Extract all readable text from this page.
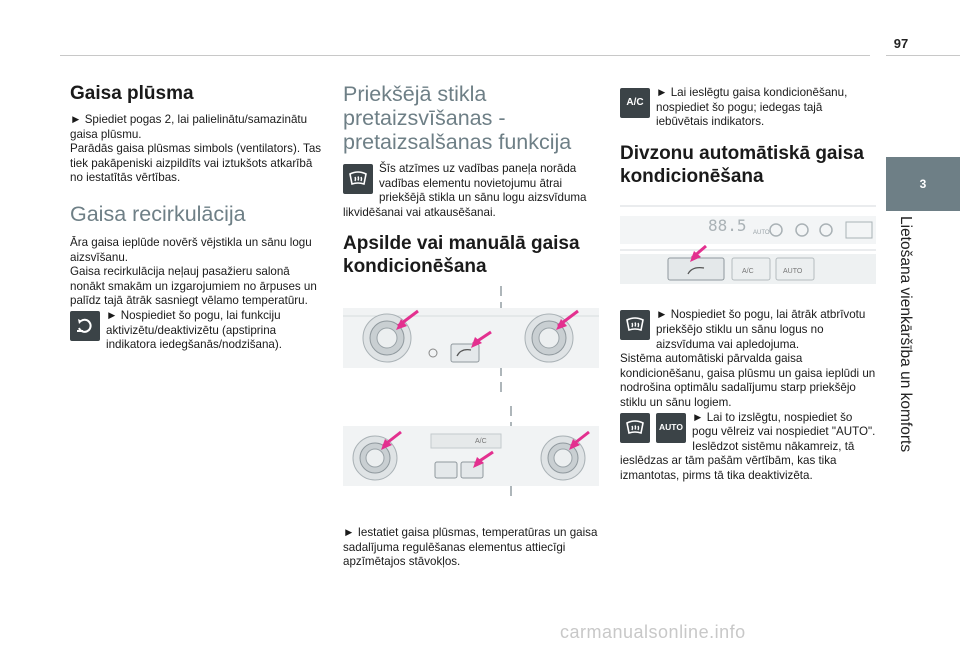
97
3
Lietošana vienkāršība un komforts
Gaisa plūsma

► Spiediet pogas 2, lai palielinātu/samazinātu gaisa plūsmu.

Parādās gaisa plūsmas simbols (ventilators). Tas tiek pakāpeniski aizpildīts vai iztukšots atkarībā no iestatītās vērtības.

Gaisa recirkulācija

Āra gaisa ieplūde novērš vējstikla un sānu logu aizsvīšanu.

Gaisa recirkulācija neļauj pasažieru salonā nonākt smakām un izgarojumiem no ārpuses un palīdz tajā ātrāk sasniegt vēlamo temperatūru.

► Nospiediet šo pogu, lai funkciju aktivizētu/deaktivizētu (apstiprina indikatora iedegšanās/nodzišana).

Priekšējā stikla pretaizsvīšanas - pretaizsalšanas funkcija

Šīs atzīmes uz vadības paneļa norāda vadības elementu novietojumu ātrai priekšējā stikla un sānu logu aizsvīduma likvidēšanai vai atkausēšanai.

Apsilde vai manuālā gaisa kondicionēšana
A/C

► Iestatiet gaisa plūsmas, temperatūras un gaisa sadalījuma regulēšanas elementus attiecīgi apzīmētajos stāvokļos.

A/C

► Lai ieslēgtu gaisa kondicionēšanu, nospiediet šo pogu; iedegas tajā iebūvētais indikators.

Divzonu automātiskā gaisa kondicionēšana
88.5 AUTO
A/C	AUTO

► Nospiediet šo pogu, lai ātrāk atbrīvotu priekšējo stiklu un sānu logus no aizsvīduma vai apledojuma.

Sistēma automātiski pārvalda gaisa kondicionēšanu, gaisa plūsmu un gaisa ieplūdi un nodrošina optimālu sadalījumu starp priekšējo stiklu un sānu logiem.

AUTO

► Lai to izslēgtu, nospiediet šo pogu vēlreiz vai nospiediet "AUTO".

Ieslēdzot sistēmu nākamreiz, tā ieslēdzas ar tām pašām vērtībām, kas tika izmantotas, pirms tā tika deaktivizēta.

carmanualsonline.info
